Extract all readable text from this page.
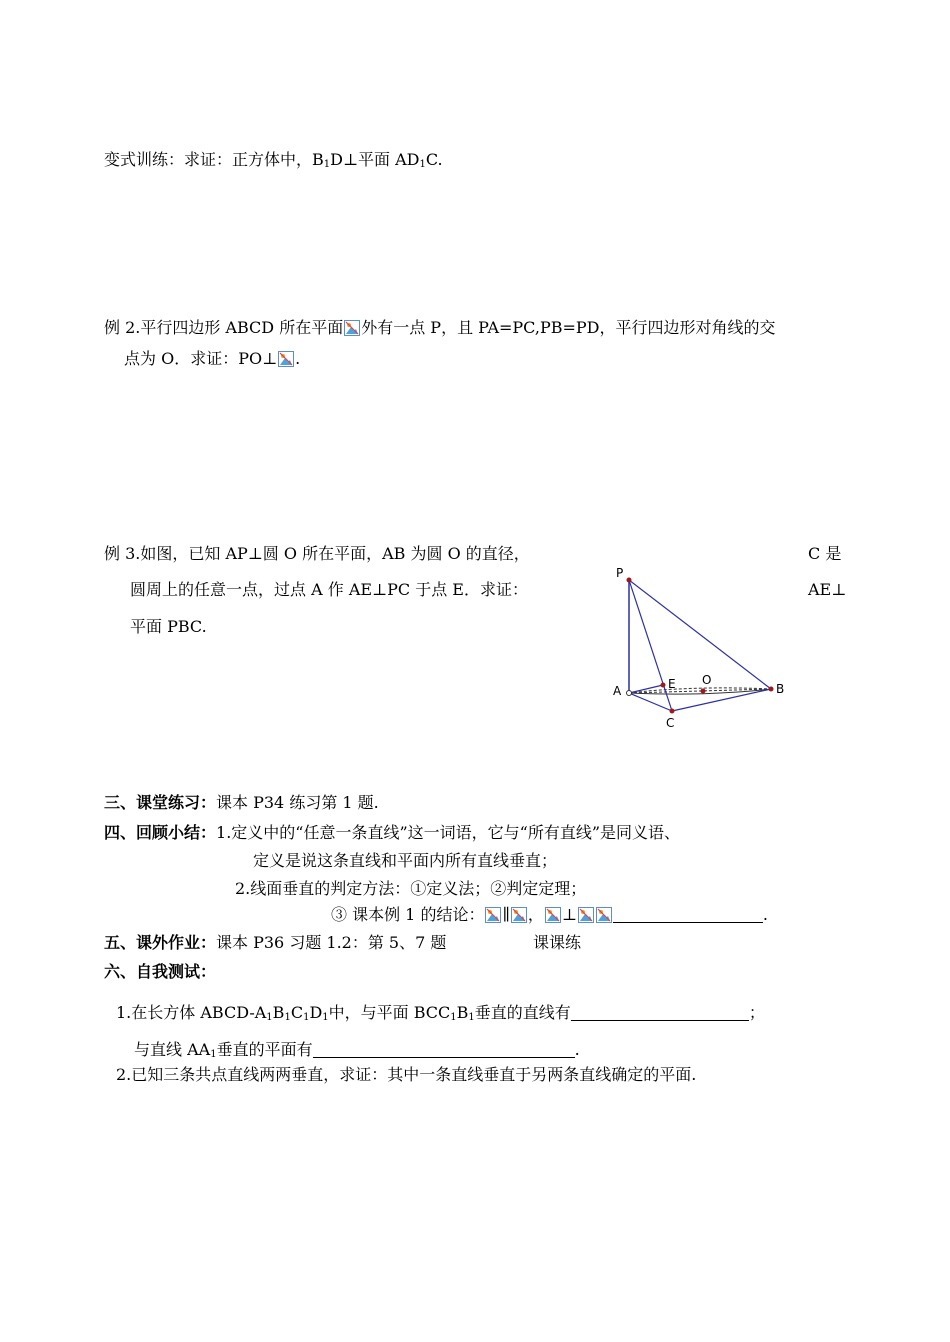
变式训练：求证：正方体中，$B_1D\perp$平面 $AD_1C$.
例 2.平行四边形 ABCD 所在平面 外有一点 P，且 PA=PC,PB=PD，平行四边形对角线的交
点为 O．求证：PO⊥ .
例 3.如图，已知 AP⊥圆 O 所在平面，AB 为圆 O 的直径，	C 是
圆周上的任意一点，过点 A 作 AE⊥PC 于点 E．求证：	AE⊥
平面 PBC.
P
A	E O
B
C
三、课堂练习：课本 P34 练习第 1 题.
四、回顾小结：1.定义中的“任意一条直线”这一词语，它与“所有直线”是同义语、
定义是说这条直线和平面内所有直线垂直；
2.线面垂直的判定方法：①定义法；②判定定理；
③ 课本例 1 的结论： ∥ ， ⊥	.
五、课外作业：课本 P36 习题 1.2：第 5、7 题	课课练
六、自我测试：
1.在长方体 ABCD-$A_1B_1C_1D_1$中，与平面 $BCC_1B_1$垂直的直线有	；
与直线 $AA_1$垂直的平面有	.
2.已知三条共点直线两两垂直，求证：其中一条直线垂直于另两条直线确定的平面.
